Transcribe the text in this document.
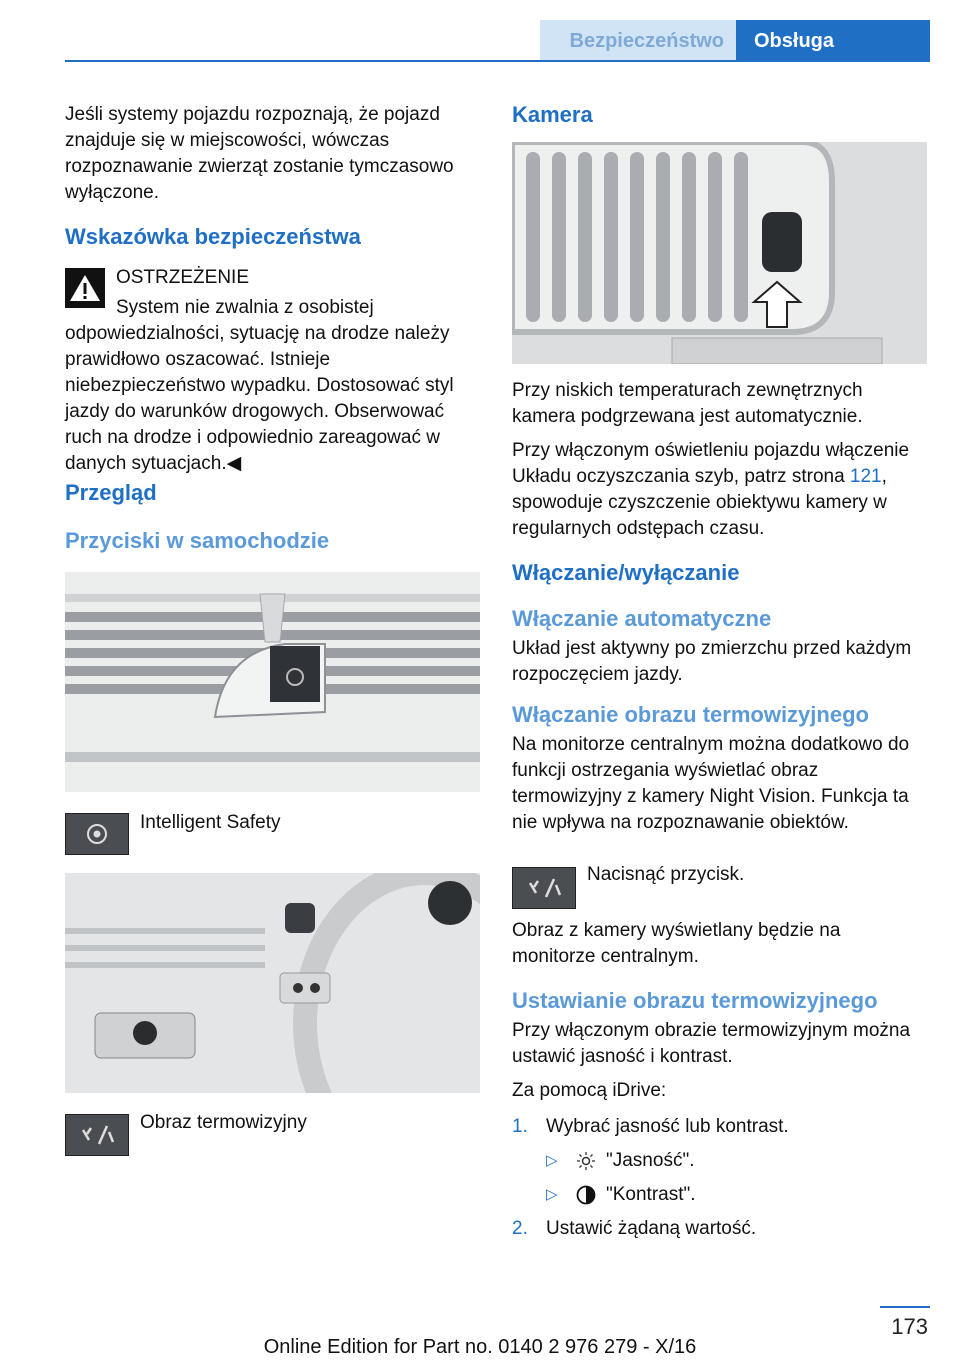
Bezpieczeństwo	Obsługa

Jeśli systemy pojazdu rozpoznają, że pojazd znajduje się w miejscowości, wówczas rozpoznawanie zwierząt zostanie tymczasowo wyłączone.

Wskazówka bezpieczeństwa

OSTRZEŻENIE

System nie zwalnia z osobistej odpowiedzialności, sytuację na drodze należy prawidłowo oszacować. Istnieje niebezpieczeństwo wypadku. Dostosować styl jazdy do warunków drogowych. Obserwować ruch na drodze i odpowiednio zareagować w danych sytuacjach.◀

Przegląd
Przyciski w samochodzie

Intelligent Safety

Obraz termowizyjny

Kamera

Przy niskich temperaturach zewnętrznych kamera podgrzewana jest automatycznie.

Przy włączonym oświetleniu pojazdu włączenie Układu oczyszczania szyb, patrz strona 121, spowoduje czyszczenie obiektywu kamery w regularnych odstępach czasu.

Włączanie/wyłączanie
Włączanie automatyczne

Układ jest aktywny po zmierzchu przed każdym rozpoczęciem jazdy.

Włączanie obrazu termowizyjnego

Na monitorze centralnym można dodatkowo do funkcji ostrzegania wyświetlać obraz termowizyjny z kamery Night Vision. Funkcja ta nie wpływa na rozpoznawanie obiektów.

Nacisnąć przycisk.

Obraz z kamery wyświetlany będzie na monitorze centralnym.

Ustawianie obrazu termowizyjnego

Przy włączonym obrazie termowizyjnym można ustawić jasność i kontrast.

Za pomocą iDrive:

1. Wybrać jasność lub kontrast.
▷	"Jasność".
▷	"Kontrast".
2. Ustawić żądaną wartość.
173
Online Edition for Part no. 0140 2 976 279 - X/16
